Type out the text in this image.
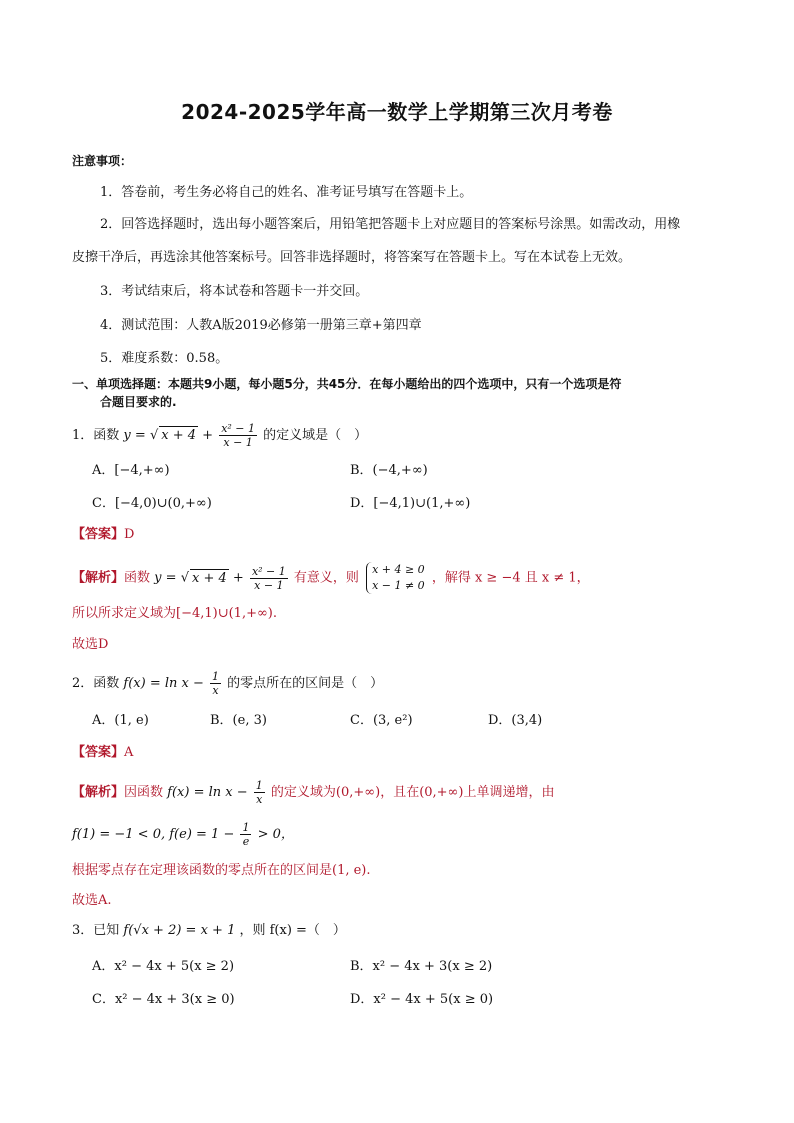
2024-2025学年高一数学上学期第三次月考卷
注意事项：
1．答卷前，考生务必将自己的姓名、准考证号填写在答题卡上。
2．回答选择题时，选出每小题答案后，用铅笔把答题卡上对应题目的答案标号涂黑。如需改动，用橡
皮擦干净后，再选涂其他答案标号。回答非选择题时，将答案写在答题卡上。写在本试卷上无效。
3．考试结束后，将本试卷和答题卡一并交回。
4．测试范围：人教A版2019必修第一册第三章+第四章
5．难度系数：0.58。
一、单项选择题：本题共9小题，每小题5分，共45分．在每小题给出的四个选项中，只有一个选项是符
合题目要求的.
1．函数 y = √ $x + 4 + \frac{\text{x² − 1}}{x - 1}$ 的定义域是（　）
A．[−4,+∞)	B．(−4,+∞)
C．[−4,0)∪(0,+∞)	D．[−4,1)∪(1,+∞)
【答案】D
【解析】函数 y = √ $x + 4 + \frac{\text{x² − 1}}{x - 1}$ 有意义，则
x + 4 ≥ 0
x − 1 ≠ 0 ，解得 x ≥ −4 且 x ≠ 1，
所以所求定义域为[−4,1)∪(1,+∞).
故选D
2．函数 $f(x) = \ln x - \frac{1}{x}$ 的零点所在的区间是（　）
A．(1, e)	B．(e, 3)	C．(3, e²)	D．(3,4)
【答案】A
【解析】因函数 $f(x) = \ln x - \frac{1}{x}$ 的定义域为(0,+∞)，且在(0,+∞)上单调递增，由
f(1) = −1 < 0, $f(e) = 1 - \frac{1}{e} > 0$，
根据零点存在定理该函数的零点所在的区间是(1, e).
故选A.
3．已知 f(√x + 2) = x + 1 ，则 f(x) =（　）
A．x² − 4x + 5(x ≥ 2)	B．x² − 4x + 3(x ≥ 2)
C．x² − 4x + 3(x ≥ 0)	D．x² − 4x + 5(x ≥ 0)
